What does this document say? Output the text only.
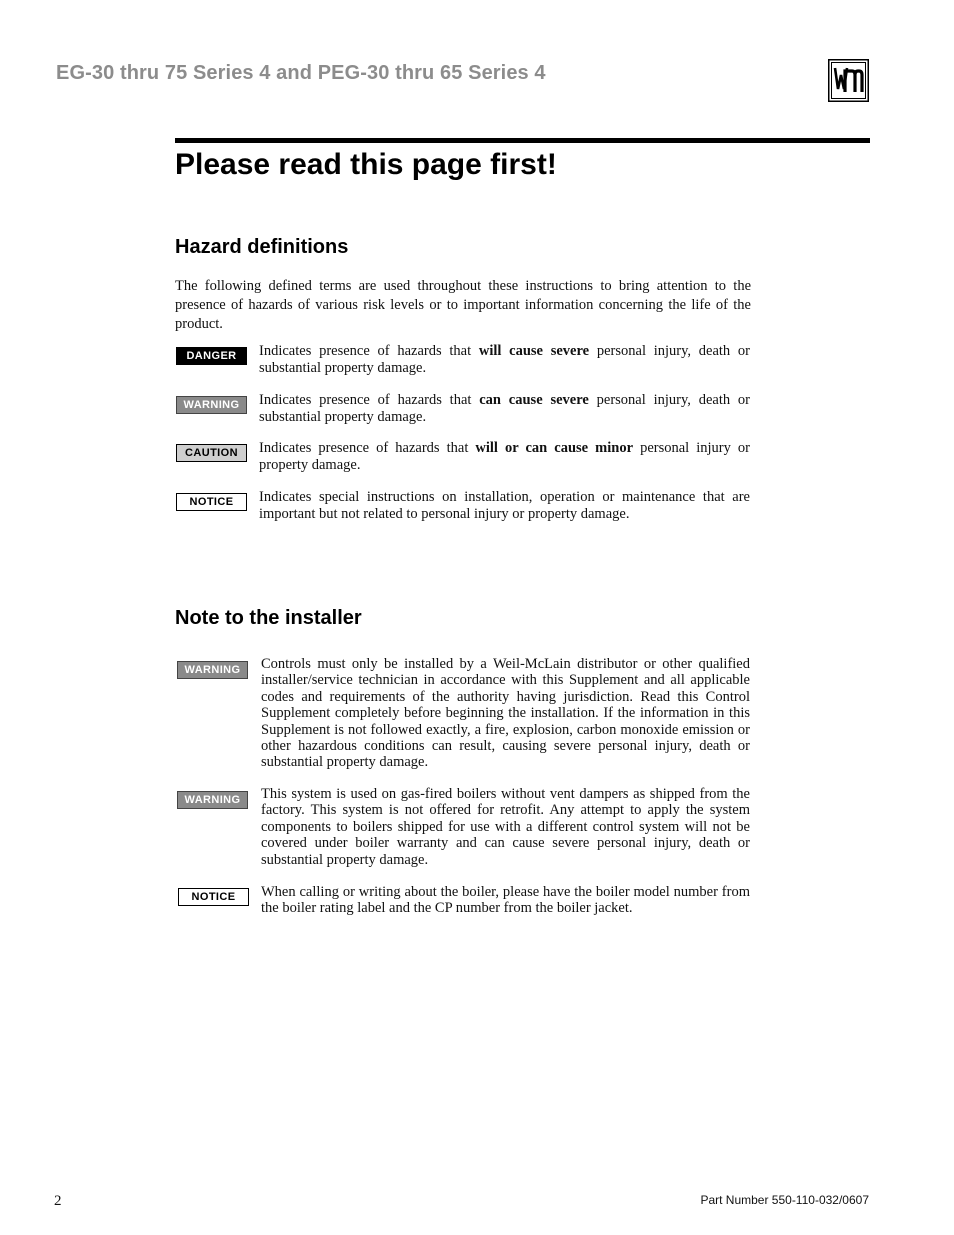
EG-30 thru 75 Series 4 and PEG-30 thru 65 Series 4
Please read this page first!
Hazard definitions
The following defined terms are used throughout these instructions to bring attention to the presence of hazards of various risk levels or to important information concerning the life of the product.
DANGER	Indicates presence of hazards that will cause severe personal injury, death or substantial property damage.
WARNING	Indicates presence of hazards that can cause severe personal injury, death or substantial property damage.
CAUTION	Indicates presence of hazards that will or can cause minor personal injury or property damage.
NOTICE	Indicates special instructions on installation, operation or maintenance that are important but not related to personal injury or property damage.
Note to the installer
WARNING	Controls must only be installed by a Weil-McLain distributor or other qualified installer/service technician in accordance with this Supplement and all applicable codes and requirements of the authority having jurisdiction. Read this Control Supplement completely before beginning the installation. If the information in this Supplement is not followed exactly, a fire, explosion, carbon monoxide emission or other hazardous conditions can result, causing severe personal injury, death or substantial property damage.
WARNING	This system is used on gas-fired boilers without vent dampers as shipped from the factory. This system is not offered for retrofit. Any attempt to apply the system components to boilers shipped for use with a different control system will not be covered under boiler warranty and can cause severe personal injury, death or substantial property damage.
NOTICE	When calling or writing about the boiler, please have the boiler model number from the boiler rating label and the CP number from the boiler jacket.
2	Part Number 550-110-032/0607
